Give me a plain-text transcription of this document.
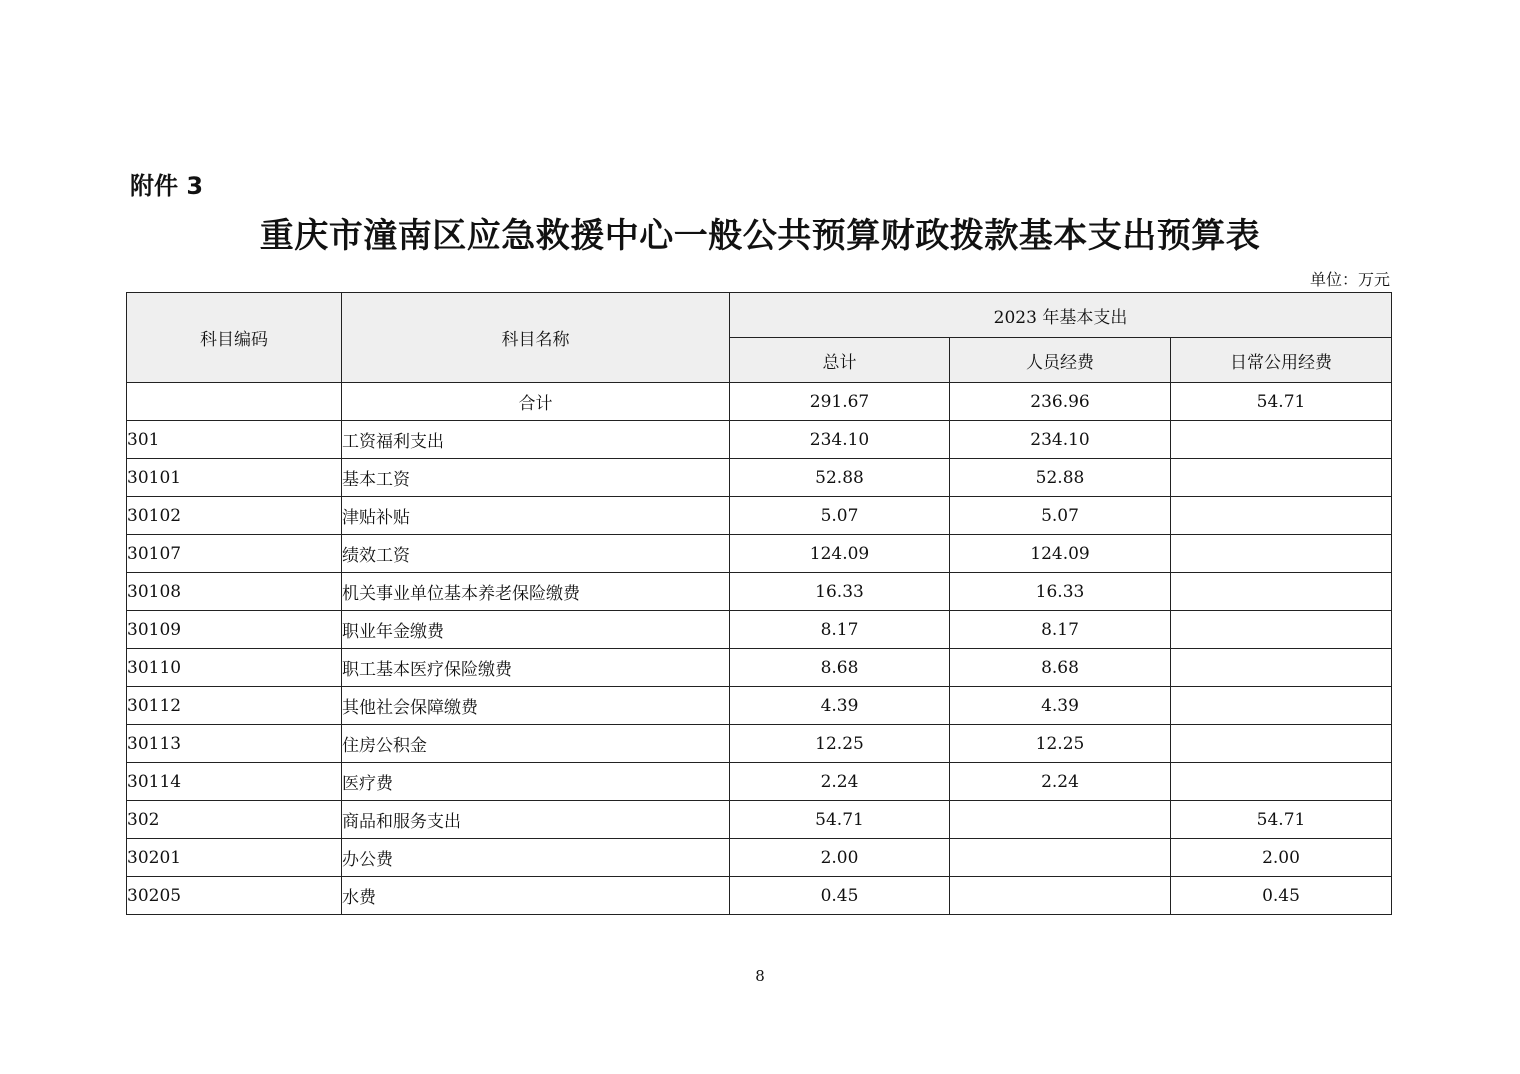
附件 3
重庆市潼南区应急救援中心一般公共预算财政拨款基本支出预算表
单位：万元
科目编码	科目名称	2023 年基本支出		
		总计	人员经费	日常公用经费
	合计	291.67	236.96	54.71
301	工资福利支出	234.10	234.10	
30101	基本工资	52.88	52.88	
30102	津贴补贴	5.07	5.07	
30107	绩效工资	124.09	124.09	
30108	机关事业单位基本养老保险缴费	16.33	16.33	
30109	职业年金缴费	8.17	8.17	
30110	职工基本医疗保险缴费	8.68	8.68	
30112	其他社会保障缴费	4.39	4.39	
30113	住房公积金	12.25	12.25	
30114	医疗费	2.24	2.24	
302	商品和服务支出	54.71		54.71
30201	办公费	2.00		2.00
30205	水费	0.45		0.45
8
